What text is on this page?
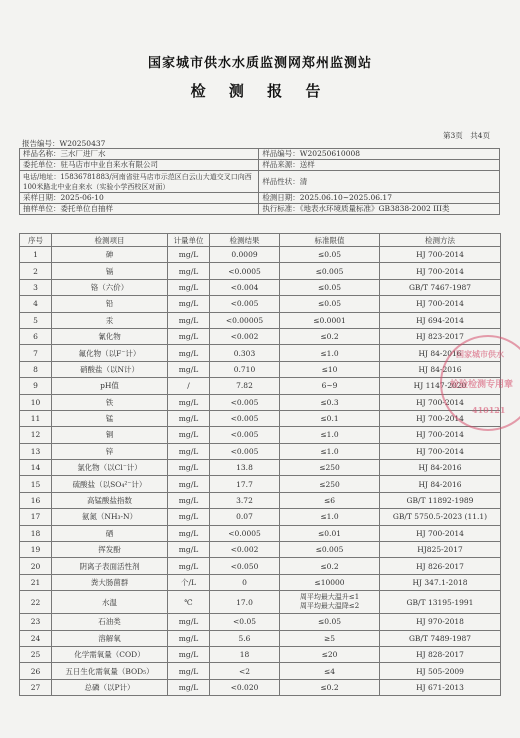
国家城市供水水质监测网郑州监测站
检 测 报 告
第3页　共4页
报告编号：W20250437
样品名称：三水厂进厂水	样品编号：W20250610008
委托单位：驻马店市中业自来水有限公司	样品来源：送样
电话/地址：15836781883/河南省驻马店市示范区白云山大道交叉口向西100米路北中业自来水（实验小学西校区对面）	样品性状：清
采样日期：2025-06-10	检测日期：2025.06.10~2025.06.17
抽样单位：委托单位自抽样	执行标准：《地表水环境质量标准》GB3838-2002 III类
序号	检测项目	计量单位	检测结果	标准限值	检测方法
1	砷	mg/L	0.0009	≤0.05	HJ 700-2014
2	镉	mg/L	<0.0005	≤0.005	HJ 700-2014
3	铬（六价）	mg/L	<0.004	≤0.05	GB/T 7467-1987
4	铅	mg/L	<0.005	≤0.05	HJ 700-2014
5	汞	mg/L	<0.00005	≤0.0001	HJ 694-2014
6	氰化物	mg/L	<0.002	≤0.2	HJ 823-2017
7	氟化物（以F⁻计）	mg/L	0.303	≤1.0	HJ 84-2016
8	硝酸盐（以N计）	mg/L	0.710	≤10	HJ 84-2016
9	pH值	/	7.82	6~9	HJ 1147-2020
10	铁	mg/L	<0.005	≤0.3	HJ 700-2014
11	锰	mg/L	<0.005	≤0.1	HJ 700-2014
12	铜	mg/L	<0.005	≤1.0	HJ 700-2014
13	锌	mg/L	<0.005	≤1.0	HJ 700-2014
14	氯化物（以Cl⁻计）	mg/L	13.8	≤250	HJ 84-2016
15	硫酸盐（以SO₄²⁻计）	mg/L	17.7	≤250	HJ 84-2016
16	高锰酸盐指数	mg/L	3.72	≤6	GB/T 11892-1989
17	氨氮（NH₃-N）	mg/L	0.07	≤1.0	GB/T 5750.5-2023 (11.1)
18	硒	mg/L	<0.0005	≤0.01	HJ 700-2014
19	挥发酚	mg/L	<0.002	≤0.005	HJ825-2017
20	阴离子表面活性剂	mg/L	<0.050	≤0.2	HJ 826-2017
21	粪大肠菌群	个/L	0	≤10000	HJ 347.1-2018
22	水温	℃	17.0	周平均最大温升≤1
周平均最大温降≤2	GB/T 13195-1991
23	石油类	mg/L	<0.05	≤0.05	HJ 970-2018
24	溶解氧	mg/L	5.6	≥5	GB/T 7489-1987
25	化学需氧量（COD）	mg/L	18	≤20	HJ 828-2017
26	五日生化需氧量（BOD₅）	mg/L	<2	≤4	HJ 505-2009
27	总磷（以P计）	mg/L	<0.020	≤0.2	HJ 671-2013
国家城市供水
检验检测专用章
410121
